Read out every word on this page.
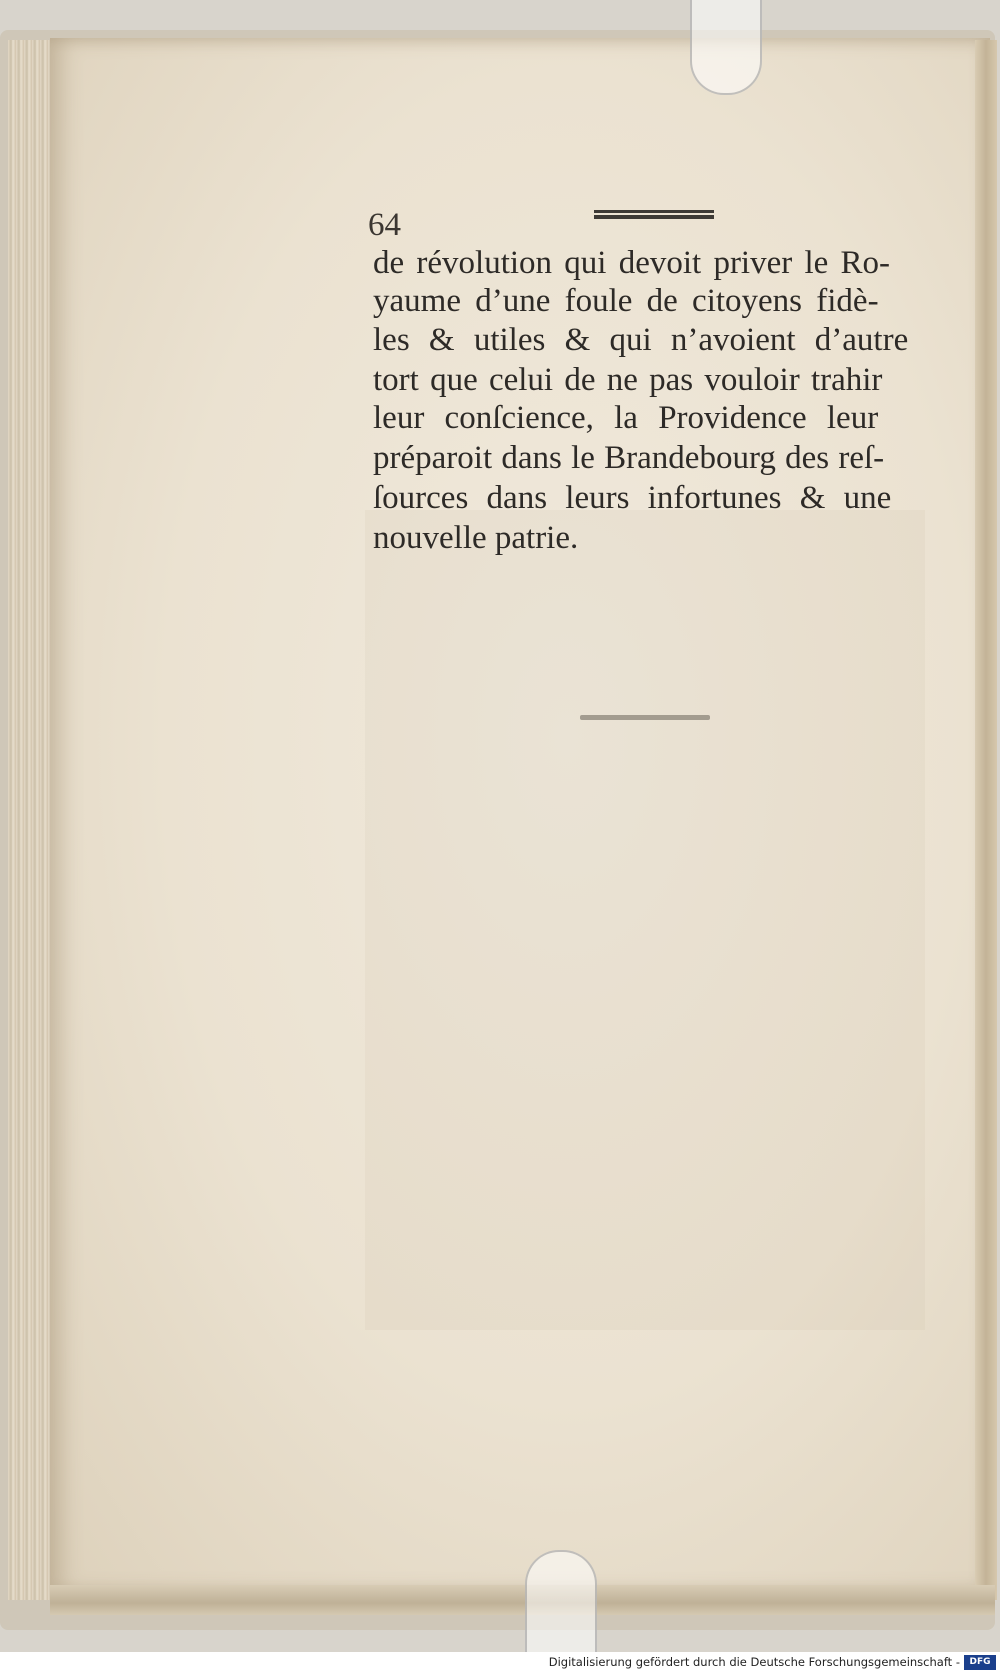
64
de révolution qui devoit priver le Ro-
yaume d’une foule de citoyens fidè-
les & utiles & qui n’avoient d’autre
tort que celui de ne pas vouloir trahir
leur conſcience, la Providence leur
préparoit dans le Brandebourg des reſ-
ſources dans leurs infortunes & une
nouvelle patrie.
Digitalisierung gefördert durch die Deutsche Forschungsgemeinschaft -	DFG
